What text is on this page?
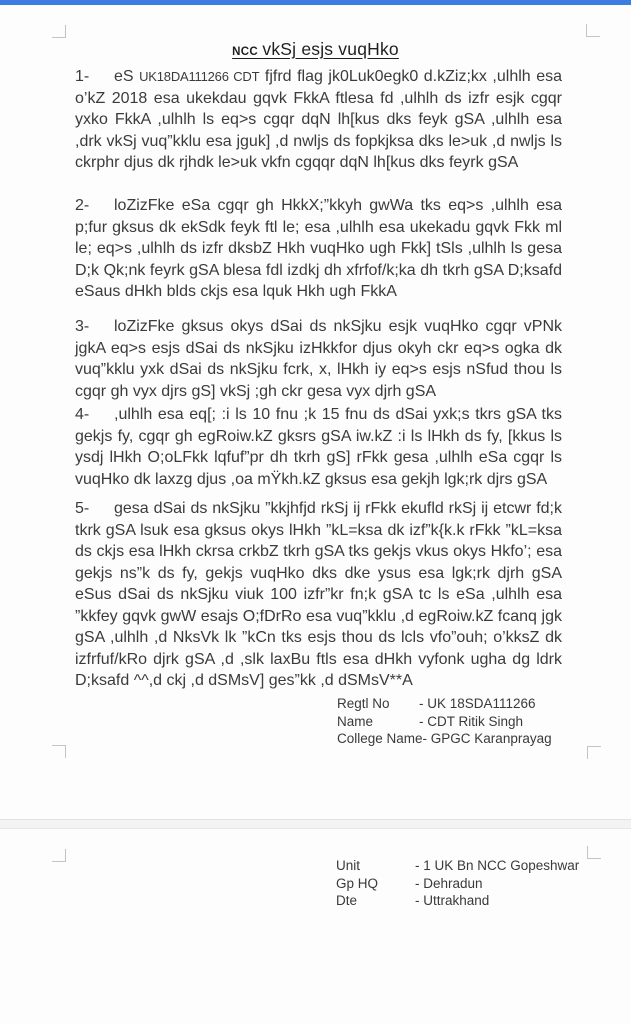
NCC vkSj esjs vuqHko

1- eS UK18DA111266 CDT fjfrd flag jk0Luk0egk0 d.kZiz;kx ,ulhlh esa o’kZ 2018 esa ukekdau gqvk FkkA ftlesa fd ,ulhlh ds izfr esjk cgqr yxko FkkA ,ulhlh ls eq>s cgqr dqN lh[kus dks feyk gSA ,ulhlh esa ,drk vkSj vuq”kklu esa jguk] ,d nwljs ds fopkjksa dks le>uk ,d nwljs ls ckrphr djus dk rjhdk le>uk vkfn cgqqr dqN lh[kus dks feyrk gSA

2- loZizFke eSa cgqr gh HkkX;”kkyh gwWa tks eq>s ,ulhlh esa p;fur gksus dk ekSdk feyk ftl le; esa ,ulhlh esa ukekadu gqvk Fkk ml le; eq>s ,ulhlh ds izfr dksbZ Hkh vuqHko ugh Fkk] tSls ,ulhlh ls gesa D;k Qk;nk feyrk gSA blesa fdl izdkj dh xfrfof/k;ka dh tkrh gSA D;ksafd eSaus dHkh blds ckjs esa lquk Hkh ugh FkkA

3- loZizFke gksus okys dSai ds nkSjku esjk vuqHko cgqr vPNk jgkA eq>s esjs dSai ds nkSjku izHkkfor djus okyh ckr eq>s ogka dk vuq”kklu yxk dSai ds nkSjku fcrk, x, lHkh iy eq>s esjs nSfud thou ls cgqr gh vyx djrs gS] vkSj ;gh ckr gesa vyx djrh gSA

4- ,ulhlh esa eq[; :i ls 10 fnu ;k 15 fnu ds dSai yxk;s tkrs gSA tks gekjs fy, cgqr gh egRoiw.kZ gksrs gSA iw.kZ :i ls lHkh ds fy, [kkus ls ysdj lHkh O;oLFkk lqfuf”pr dh tkrh gS] rFkk gesa ,ulhlh eSa cgqr ls vuqHko dk laxzg djus ,oa mŸkh.kZ gksus esa gekjh lgk;rk djrs gSA

5- gesa dSai ds nkSjku ”kkjhfjd rkSj ij rFkk ekufld rkSj ij etcwr fd;k tkrk gSA lsuk esa gksus okys lHkh ”kL=ksa dk izf”k{k.k rFkk ”kL=ksa ds ckjs esa lHkh ckrsa crkbZ tkrh gSA tks gekjs vkus okys Hkfo’; esa gekjs ns”k ds fy, gekjs vuqHko dks dke ysus esa lgk;rk djrh gSA eSus dSai ds nkSjku viuk 100 izfr”kr fn;k gSA tc ls eSa ,ulhlh esa ”kkfey gqvk gwW esajs O;fDrRo esa vuq”kklu ,d egRoiw.kZ fcanq jgk gSA ,ulhlh ,d NksVk lk ”kCn tks esjs thou ds lcls vfo”ouh; o’kksZ dk izfrfuf/kRo djrk gSA ,d ,slk laxBu ftls esa dHkh vyfonk ugha dg ldrk D;ksafd ^^,d ckj ,d dSMsV] ges”kk ,d dSMsV**A

Regtl No - UK 18SDA111266
Name	- CDT Ritik Singh
College Name- GPGC Karanprayag
Unit	- 1 UK Bn NCC Gopeshwar
Gp HQ	- Dehradun
Dte	- Uttrakhand
